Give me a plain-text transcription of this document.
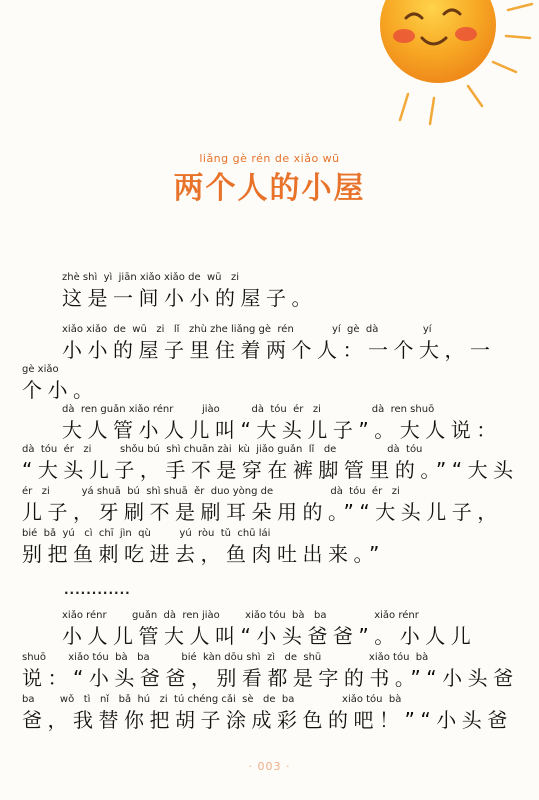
liǎng gè rén de xiǎo wū
两个人的小屋
zhè shì  yì  jiān xiǎo xiǎo de  wū   zi
这是一间小小的屋子。
xiǎo xiǎo  de  wū   zi   lǐ   zhù zhe liǎng gè  rén            yí  gè  dà              yí
小小的屋子里住着两个人：一个大，一
gè xiǎo
个小。
dà  ren guǎn xiǎo rénr         jiào          dà  tóu  ér   zi                dà  ren shuō
大人管小人儿叫“大头儿子”。大人说：
dà  tóu  ér   zi         shǒu bú  shì chuān zài  kù  jiǎo guǎn  lǐ   de                dà  tóu
“大头儿子，手不是穿在裤脚管里的。”“大头
ér   zi          yá shuā  bú  shì shuā  ěr  duo yòng de                  dà  tóu  ér   zi
儿子，牙刷不是刷耳朵用的。”“大头儿子，
bié  bǎ  yú   cì  chī  jìn  qù         yú  ròu  tǔ  chū lái
别把鱼刺吃进去，鱼肉吐出来。”
............
xiǎo rénr        guǎn  dà  ren jiào        xiǎo tóu  bà   ba               xiǎo rénr
小人儿管大人叫“小头爸爸”。小人儿
shuō       xiǎo tóu  bà   ba          bié  kàn dōu shì  zì   de  shū               xiǎo tóu  bà
说：“小头爸爸，别看都是字的书。”“小头爸
ba        wǒ   tì   nǐ   bǎ  hú   zi  tú chéng cǎi  sè   de  ba               xiǎo tóu  bà
爸，我替你把胡子涂成彩色的吧！”“小头爸
· 003 ·
